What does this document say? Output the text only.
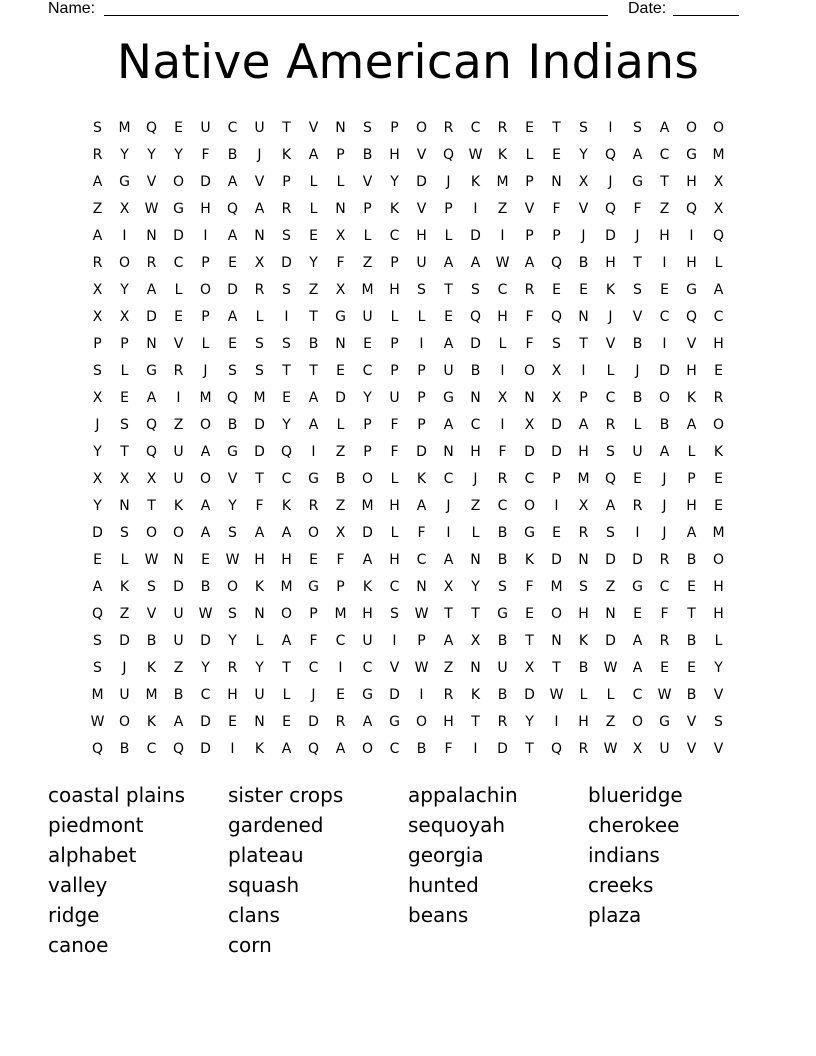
Name:	Date:
Native American Indians
S	M	Q	E	U	C	U	T	V	N	S	P	O	R	C	R	E	T	S	I	S	A	O	O
R	Y	Y	Y	F	B	J	K	A	P	B	H	V	Q	W	K	L	E	Y	Q	A	C	G	M
A	G	V	O	D	A	V	P	L	L	V	Y	D	J	K	M	P	N	X	J	G	T	H	X
Z	X	W	G	H	Q	A	R	L	N	P	K	V	P	I	Z	V	F	V	Q	F	Z	Q	X
A	I	N	D	I	A	N	S	E	X	L	C	H	L	D	I	P	P	J	D	J	H	I	Q
R	O	R	C	P	E	X	D	Y	F	Z	P	U	A	A	W	A	Q	B	H	T	I	H	L
X	Y	A	L	O	D	R	S	Z	X	M	H	S	T	S	C	R	E	E	K	S	E	G	A
X	X	D	E	P	A	L	I	T	G	U	L	L	E	Q	H	F	Q	N	J	V	C	Q	C
P	P	N	V	L	E	S	S	B	N	E	P	I	A	D	L	F	S	T	V	B	I	V	H
S	L	G	R	J	S	S	T	T	E	C	P	P	U	B	I	O	X	I	L	J	D	H	E
X	E	A	I	M	Q	M	E	A	D	Y	U	P	G	N	X	N	X	P	C	B	O	K	R
J	S	Q	Z	O	B	D	Y	A	L	P	F	P	A	C	I	X	D	A	R	L	B	A	O
Y	T	Q	U	A	G	D	Q	I	Z	P	F	D	N	H	F	D	D	H	S	U	A	L	K
X	X	X	U	O	V	T	C	G	B	O	L	K	C	J	R	C	P	M	Q	E	J	P	E
Y	N	T	K	A	Y	F	K	R	Z	M	H	A	J	Z	C	O	I	X	A	R	J	H	E
D	S	O	O	A	S	A	A	O	X	D	L	F	I	L	B	G	E	R	S	I	J	A	M
E	L	W	N	E	W	H	H	E	F	A	H	C	A	N	B	K	D	N	D	D	R	B	O
A	K	S	D	B	O	K	M	G	P	K	C	N	X	Y	S	F	M	S	Z	G	C	E	H
Q	Z	V	U	W	S	N	O	P	M	H	S	W	T	T	G	E	O	H	N	E	F	T	H
S	D	B	U	D	Y	L	A	F	C	U	I	P	A	X	B	T	N	K	D	A	R	B	L
S	J	K	Z	Y	R	Y	T	C	I	C	V	W	Z	N	U	X	T	B	W	A	E	E	Y
M	U	M	B	C	H	U	L	J	E	G	D	I	R	K	B	D	W	L	L	C	W	B	V
W	O	K	A	D	E	N	E	D	R	A	G	O	H	T	R	Y	I	H	Z	O	G	V	S
Q	B	C	Q	D	I	K	A	Q	A	O	C	B	F	I	D	T	Q	R	W	X	U	V	V
coastal plains	sister crops	appalachin	blueridge
piedmont	gardened	sequoyah	cherokee
alphabet	plateau	georgia	indians
valley	squash	hunted	creeks
ridge	clans	beans	plaza
canoe	corn
